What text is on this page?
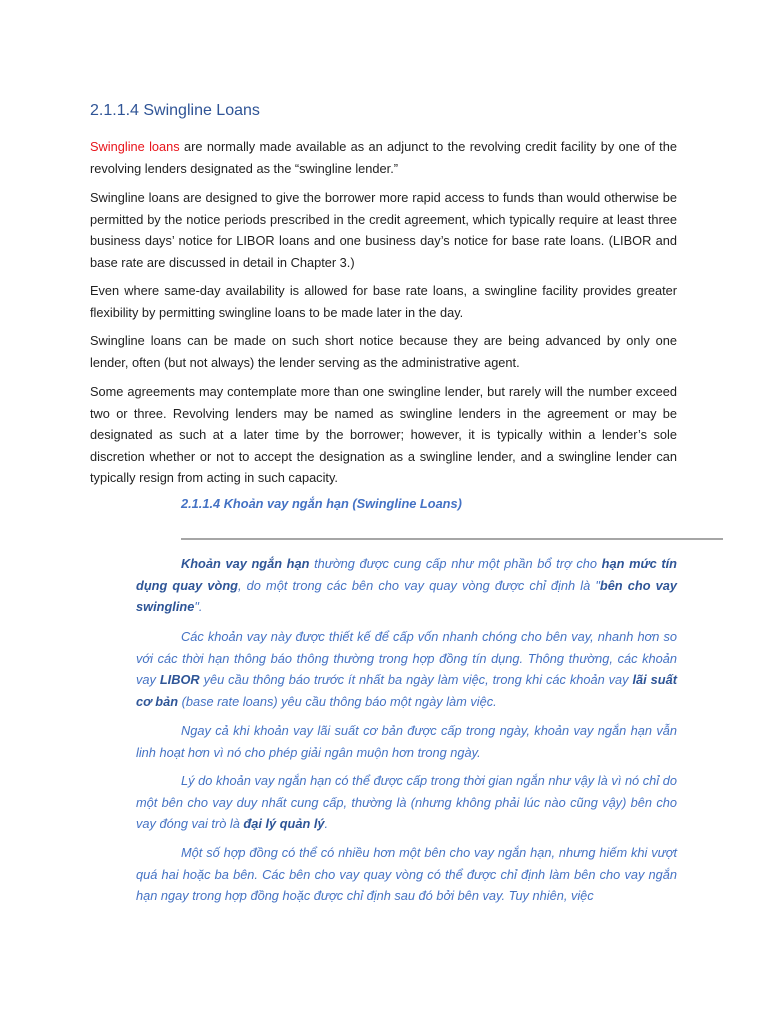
2.1.1.4 Swingline Loans

Swingline loans are normally made available as an adjunct to the revolving credit facility by one of the revolving lenders designated as the “swingline lender.”

Swingline loans are designed to give the borrower more rapid access to funds than would otherwise be permitted by the notice periods prescribed in the credit agreement, which typically require at least three business days’ notice for LIBOR loans and one business day’s notice for base rate loans. (LIBOR and base rate are discussed in detail in Chapter 3.)

Even where same-day availability is allowed for base rate loans, a swingline facility provides greater flexibility by permitting swingline loans to be made later in the day.

Swingline loans can be made on such short notice because they are being advanced by only one lender, often (but not always) the lender serving as the administrative agent.

Some agreements may contemplate more than one swingline lender, but rarely will the number exceed two or three. Revolving lenders may be named as swingline lenders in the agreement or may be designated as such at a later time by the borrower; however, it is typically within a lender’s sole discretion whether or not to accept the designation as a swingline lender, and a swingline lender can typically resign from acting in such capacity.

2.1.1.4 Khoản vay ngắn hạn (Swingline Loans)

Khoản vay ngắn hạn thường được cung cấp như một phần bổ trợ cho hạn mức tín dụng quay vòng, do một trong các bên cho vay quay vòng được chỉ định là "bên cho vay swingline".

Các khoản vay này được thiết kế để cấp vốn nhanh chóng cho bên vay, nhanh hơn so với các thời hạn thông báo thông thường trong hợp đồng tín dụng. Thông thường, các khoản vay LIBOR yêu cầu thông báo trước ít nhất ba ngày làm việc, trong khi các khoản vay lãi suất cơ bản (base rate loans) yêu cầu thông báo một ngày làm việc.

Ngay cả khi khoản vay lãi suất cơ bản được cấp trong ngày, khoản vay ngắn hạn vẫn linh hoạt hơn vì nó cho phép giải ngân muộn hơn trong ngày.

Lý do khoản vay ngắn hạn có thể được cấp trong thời gian ngắn như vậy là vì nó chỉ do một bên cho vay duy nhất cung cấp, thường là (nhưng không phải lúc nào cũng vậy) bên cho vay đóng vai trò là đại lý quản lý.

Một số hợp đồng có thể có nhiều hơn một bên cho vay ngắn hạn, nhưng hiếm khi vượt quá hai hoặc ba bên. Các bên cho vay quay vòng có thể được chỉ định làm bên cho vay ngắn hạn ngay trong hợp đồng hoặc được chỉ định sau đó bởi bên vay. Tuy nhiên, việc
